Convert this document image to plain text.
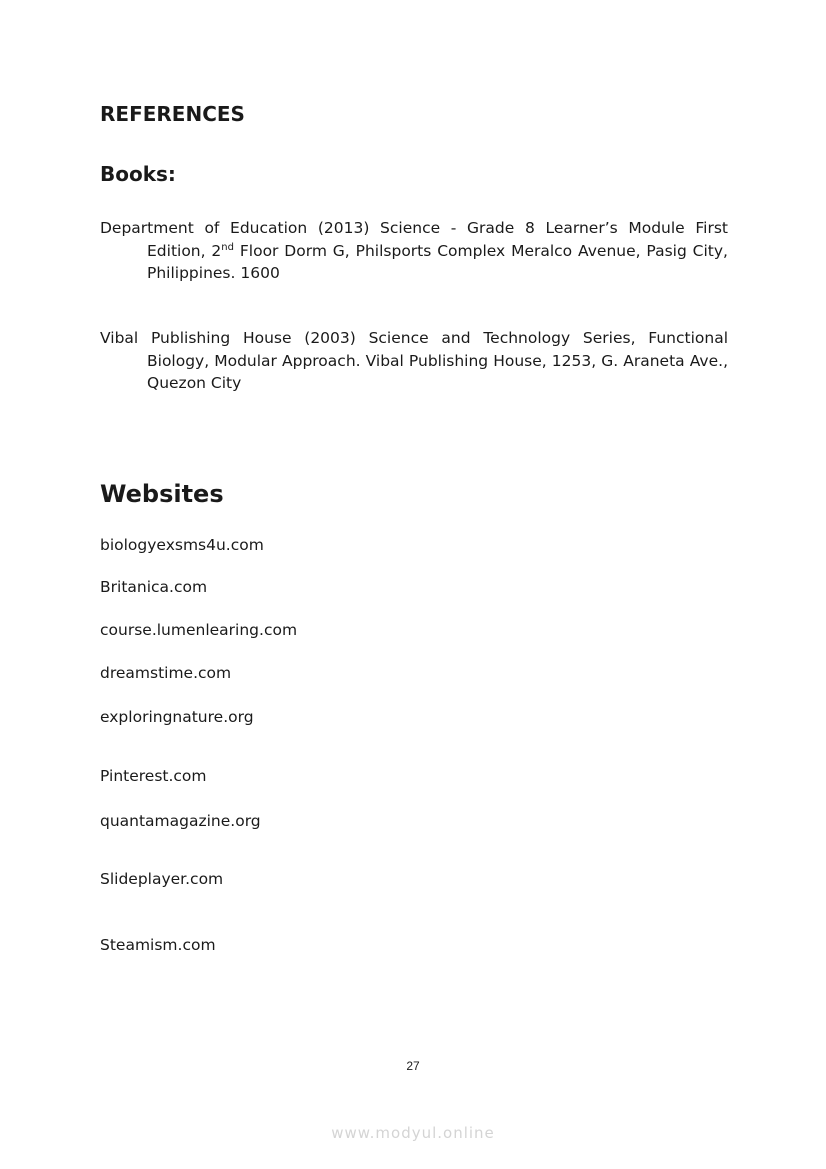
REFERENCES
Books:

Department of Education (2013) Science - Grade 8 Learner’s Module First Edition, 2nd Floor Dorm G, Philsports Complex Meralco Avenue, Pasig City, Philippines. 1600

Vibal Publishing House (2003) Science and Technology Series, Functional Biology, Modular Approach. Vibal Publishing House, 1253, G. Araneta Ave., Quezon City

Websites

biologyexsms4u.com

Britanica.com

course.lumenlearing.com

dreamstime.com

exploringnature.org

Pinterest.com

quantamagazine.org

Slideplayer.com

Steamism.com

27
www.modyul.online
